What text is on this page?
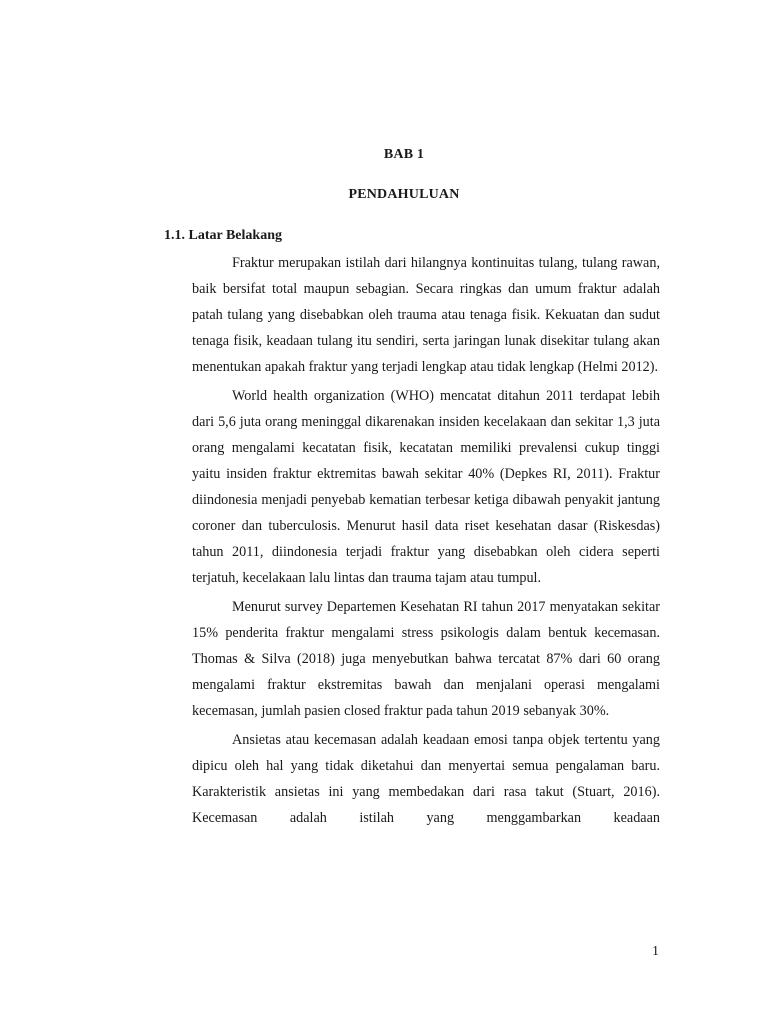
BAB 1
PENDAHULUAN
1.1. Latar Belakang

Fraktur merupakan istilah dari hilangnya kontinuitas tulang, tulang rawan, baik bersifat total maupun sebagian. Secara ringkas dan umum fraktur adalah patah tulang yang disebabkan oleh trauma atau tenaga fisik. Kekuatan dan sudut tenaga fisik, keadaan tulang itu sendiri, serta jaringan lunak disekitar tulang akan menentukan apakah fraktur yang terjadi lengkap atau tidak lengkap (Helmi 2012).

World health organization (WHO) mencatat ditahun 2011 terdapat lebih dari 5,6 juta orang meninggal dikarenakan insiden kecelakaan dan sekitar 1,3 juta orang mengalami kecatatan fisik, kecatatan memiliki prevalensi cukup tinggi yaitu insiden fraktur ektremitas bawah sekitar 40% (Depkes RI, 2011). Fraktur diindonesia menjadi penyebab kematian terbesar ketiga dibawah penyakit jantung coroner dan tuberculosis. Menurut hasil data riset kesehatan dasar (Riskesdas) tahun 2011, diindonesia terjadi fraktur yang disebabkan oleh cidera seperti terjatuh, kecelakaan lalu lintas dan trauma tajam atau tumpul.

Menurut survey Departemen Kesehatan RI tahun 2017 menyatakan sekitar 15% penderita fraktur mengalami stress psikologis dalam bentuk kecemasan. Thomas & Silva (2018) juga menyebutkan bahwa tercatat 87% dari 60 orang mengalami fraktur ekstremitas bawah dan menjalani operasi mengalami kecemasan, jumlah pasien closed fraktur pada tahun 2019 sebanyak 30%.

Ansietas atau kecemasan adalah keadaan emosi tanpa objek tertentu yang dipicu oleh hal yang tidak diketahui dan menyertai semua pengalaman baru. Karakteristik ansietas ini yang membedakan dari rasa takut (Stuart, 2016). Kecemasan adalah istilah yang menggambarkan keadaan

1
